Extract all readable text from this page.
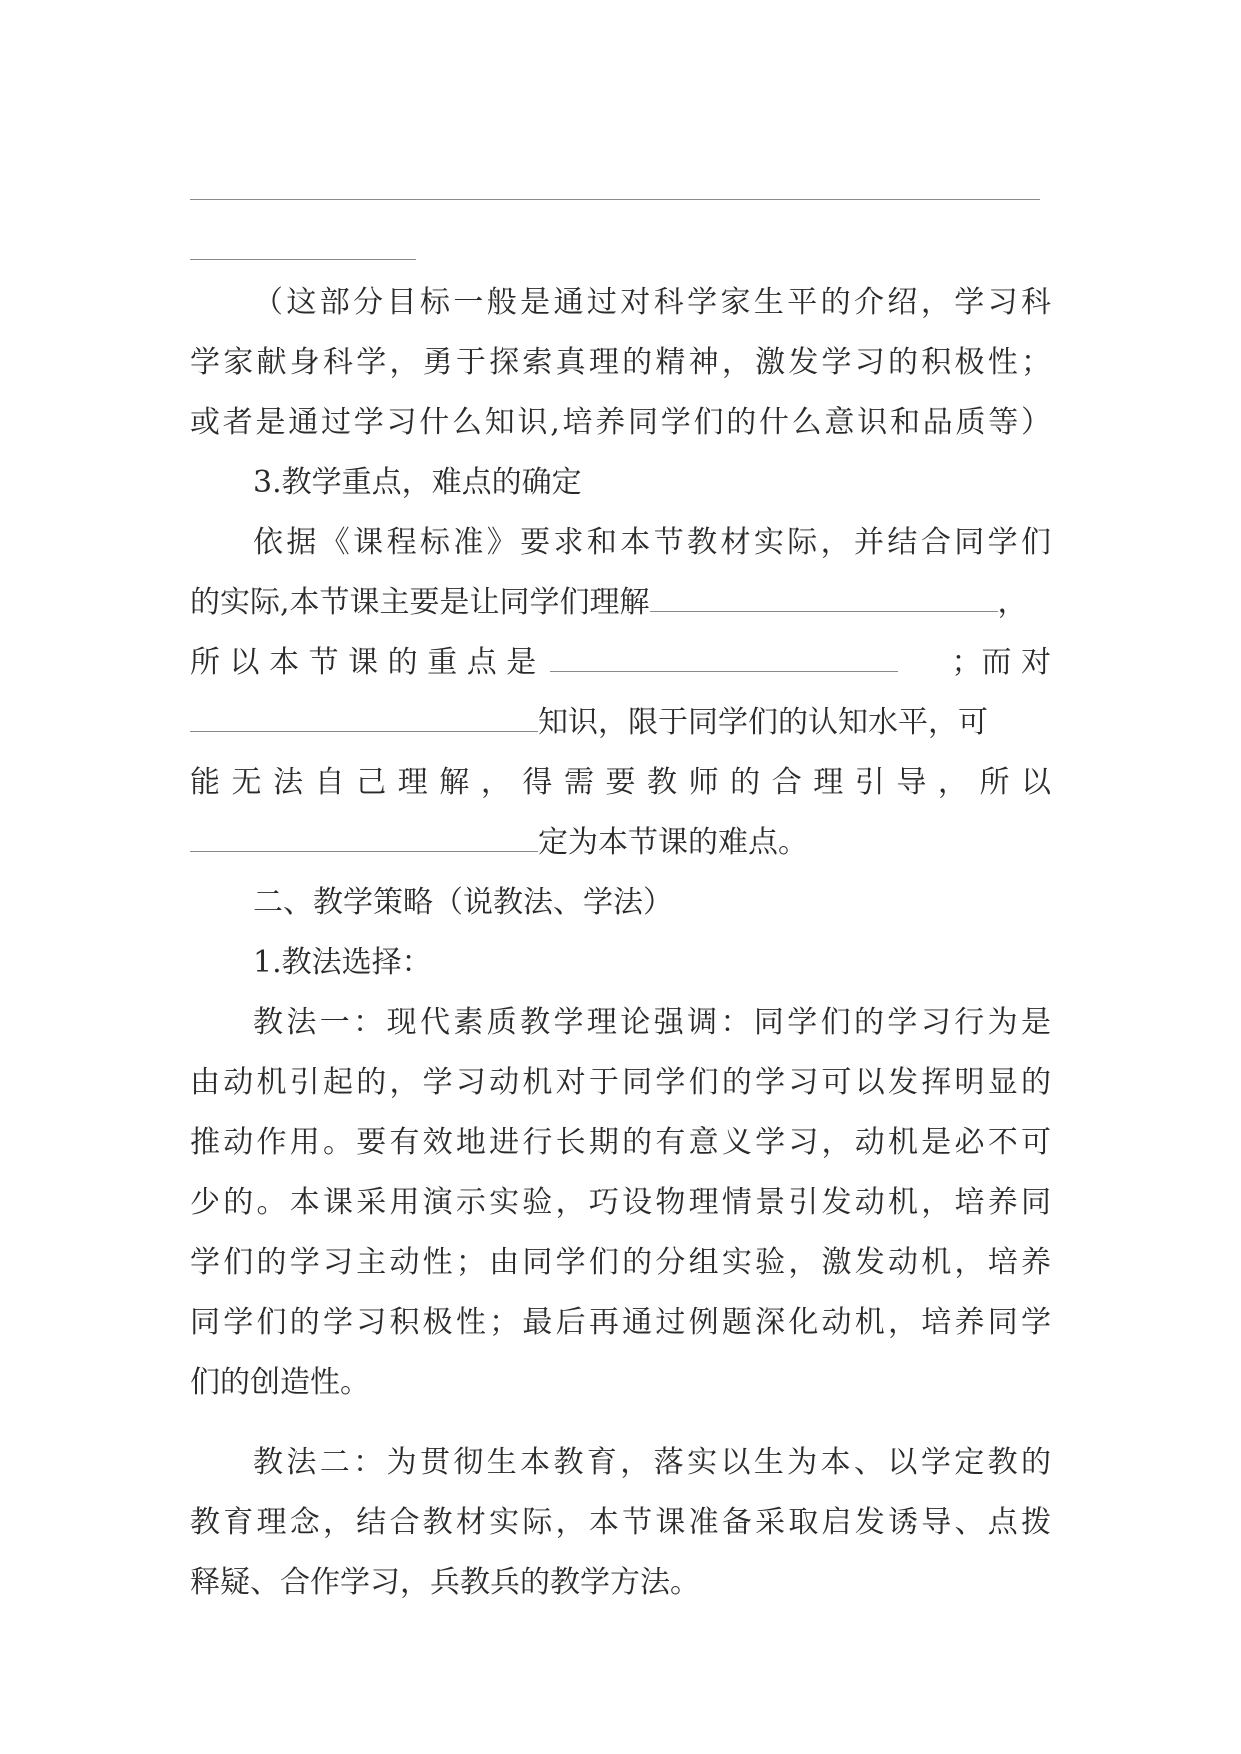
（这部分目标一般是通过对科学家生平的介绍，学习科
学家献身科学，勇于探索真理的精神，激发学习的积极性；
或者是通过学习什么知识,培养同学们的什么意识和品质等）
3.教学重点，难点的确定
依据《课程标准》要求和本节教材实际，并结合同学们
的实际,本节课主要是让同学们理解	，
所 以 本 节 课 的 重 点 是	；而 对
知识，限于同学们的认知水平，可
能 无 法 自 己 理 解 ， 得 需 要 教 师 的 合 理 引 导 ， 所 以
定为本节课的难点。
二、教学策略（说教法、学法）
1.教法选择：
教法一：现代素质教学理论强调：同学们的学习行为是
由动机引起的，学习动机对于同学们的学习可以发挥明显的
推动作用。要有效地进行长期的有意义学习，动机是必不可
少的。本课采用演示实验，巧设物理情景引发动机，培养同
学们的学习主动性；由同学们的分组实验，激发动机，培养
同学们的学习积极性；最后再通过例题深化动机，培养同学
们的创造性。
教法二：为贯彻生本教育，落实以生为本、以学定教的
教育理念，结合教材实际，本节课准备采取启发诱导、点拨
释疑、合作学习，兵教兵的教学方法。
